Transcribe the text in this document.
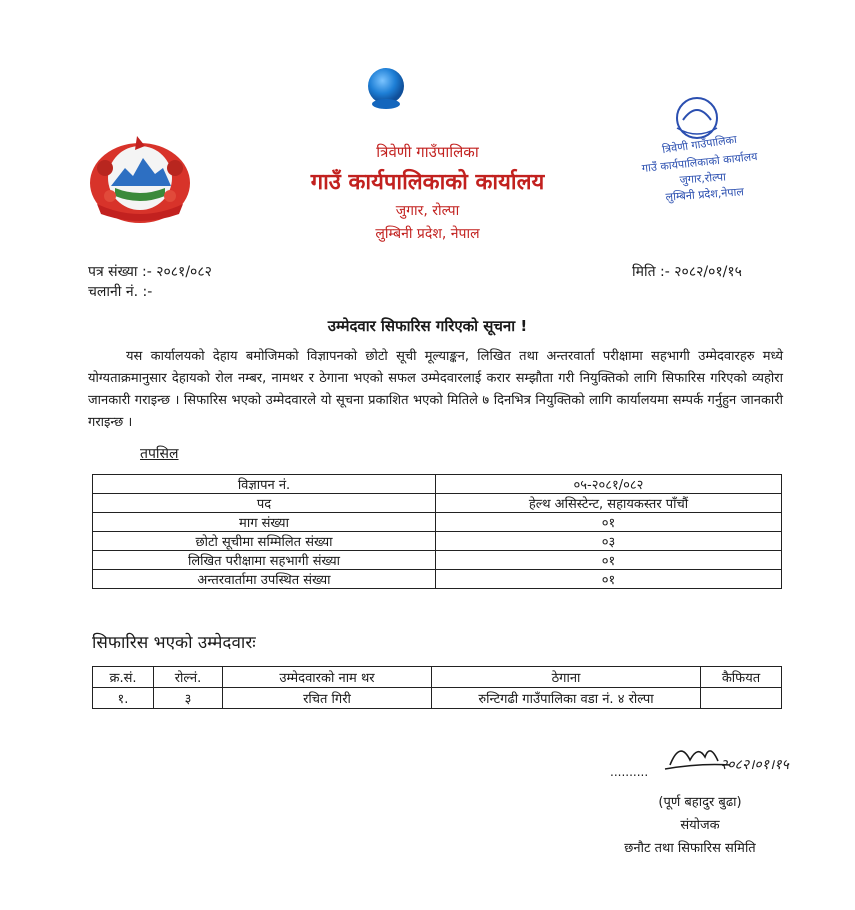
त्रिवेणी गाउँपालिका
गाउँ कार्यपालिकाको कार्यालय
जुगार,रोल्पा
लुम्बिनी प्रदेश,नेपाल
त्रिवेणी गाउँपालिका
गाउँ कार्यपालिकाको कार्यालय
जुगार, रोल्पा
लुम्बिनी प्रदेश, नेपाल
पत्र संख्या :- २०८१/०८२
चलानी नं. :-
मिति :- २०८२/०१/१५
उम्मेदवार सिफारिस गरिएको सूचना !

यस कार्यालयको देहाय बमोजिमको विज्ञापनको छोटो सूची मूल्याङ्कन, लिखित तथा अन्तरवार्ता परीक्षामा सहभागी उम्मेदवारहरु मध्ये योग्यताक्रमानुसार देहायको रोल नम्बर, नामथर र ठेगाना भएको सफल उम्मेदवारलाई करार सम्झौता गरी नियुक्तिको लागि सिफारिस गरिएको व्यहोरा जानकारी गराइन्छ । सिफारिस भएको उम्मेदवारले यो सूचना प्रकाशित भएको मितिले ७ दिनभित्र नियुक्तिको लागि कार्यालयमा सम्पर्क गर्नुहुन जानकारी गराइन्छ ।

तपसिल
विज्ञापन नं.	०५-२०८१/०८२
पद	हेल्थ असिस्टेन्ट, सहायकस्तर पाँचौं
माग संख्या	०१
छोटो सूचीमा सम्मिलित संख्या	०३
लिखित परीक्षामा सहभागी संख्या	०१
अन्तरवार्तामा उपस्थित संख्या	०१
सिफारिस भएको उम्मेदवारः
क्र.सं.	रोल्नं.	उम्मेदवारको नाम थर	ठेगाना	कैफियत
१.	३	रचित गिरी	रुन्टिगढी गाउँपालिका वडा नं. ४ रोल्पा	
..........	२०८२।०१।१५
(पूर्ण बहादुर बुढा)
संयोजक
छनौट तथा सिफारिस समिति
